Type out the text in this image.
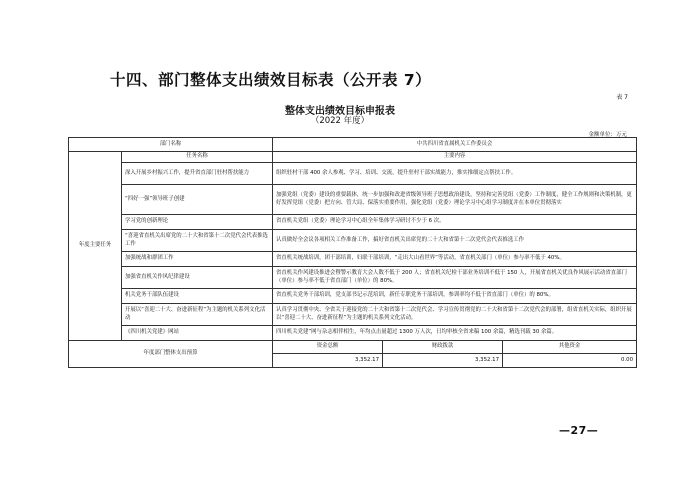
十四、部门整体支出绩效目标表（公开表 7）
表 7
整体支出绩效目标申报表
（2022 年度）
金额单位：万元
部门名称		中共四川省直属机关工作委员会		
年度主要任务	任务名称	主要内容		
	深入开展乡村振兴工作，提升省直部门驻村帮扶能力	组织驻村干部 400 余人参观、学习、培训、交流，提升驻村干部实战能力，推实推细定点帮扶工作。		
	“四好一强”领导班子创建	加强党组（党委）建设的重要载体，统一步加强和改进省级领导班子思想政治建设，坚持和完善党组（党委）工作制度，健全工作规则和决策机制，更好发挥党组（党委）把方向、管大局、保落实重要作用，强化党组（党委）理论学习中心组学习制度并在本单位贯彻落实		
	学习党的创新理论	省直机关党组（党委）理论学习中心组全年集体学习研讨不少于 6 次。		
	“喜迎省直机关出席党的二十大和省第十二次党代会代表推选工作	认真做好全会议各项相关工作准备工作，搞好省直机关出席党的二十大和省第十二次党代会代表推选工作		
	加强统战和群团工作	省直机关统战培训，团干部培训，妇联干部培训，“走出大山看世界”等活动，省直机关部门（单位）参与率不低于 40%。		
	加强省直机关作风纪律建设	省直机关作风建设推进会暨警示教育大会人数不低于 200 人；省直机关纪检干部业务培训不低于 150 人，开展省直机关优良作风展示活动省直部门（单位）参与率不低于省直部门（单位）的 80%。		
	机关党务干部队伍建设	省直机关党务干部培训，党支部书记示范培训，新任专职党务干部培训，参训率均不低于省直部门（单位）的 80%。		
	开展以“喜迎二十大、奋进新征程”为主题的机关系列文化活动	认真学习贯彻中央、全省关于迎接党的二十大和省第十二次党代会、学习宣传贯彻党的二十大和省第十二次党代会的部署，组省直机关实际，组织开展以“喜迎二十大、奋进新征程”为主题的机关系列文化活动。		
	《四川机关党建》网站	四川机关党建”网与杂志相伴相生，年均点击量超过 1300 万人次，日均审核全省来稿 100 余篇，精选刊载 30 余篇。		
年度部门整体支出预算		资金总额	财政拨款	其他资金
		3,352.17	3,352.17	0.00
—27—
